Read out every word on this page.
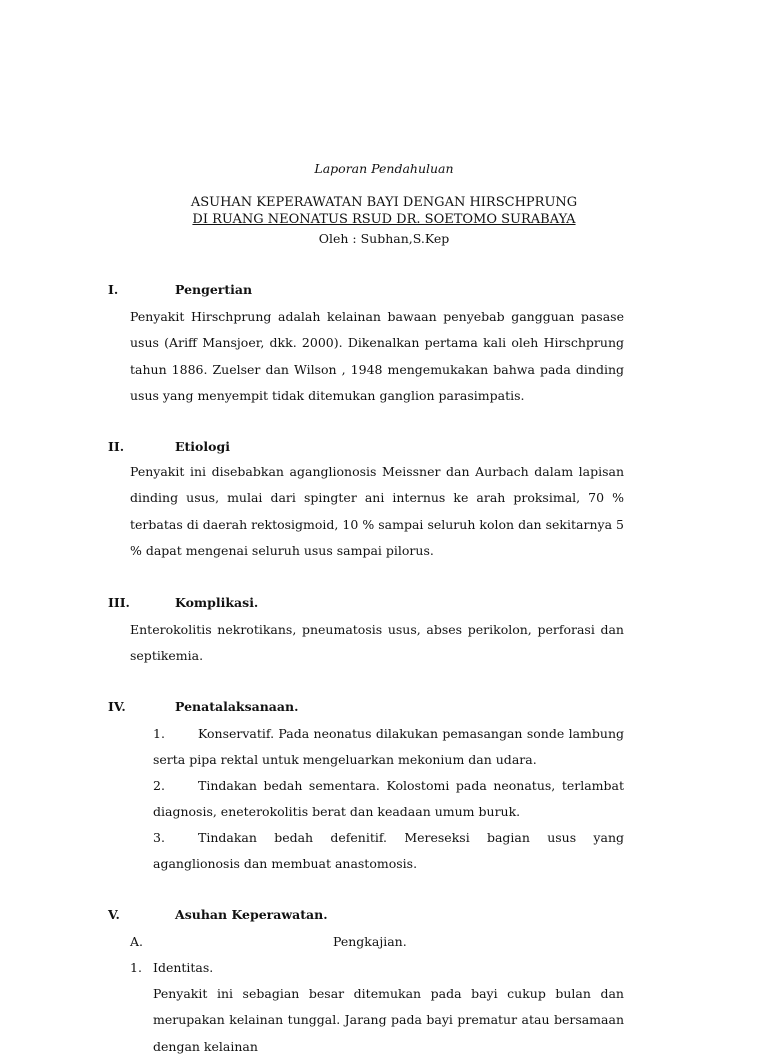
Laporan Pendahuluan
ASUHAN KEPERAWATAN BAYI DENGAN HIRSCHPRUNG
DI RUANG NEONATUS RSUD DR. SOETOMO SURABAYA
Oleh : Subhan,S.Kep
I.	Pengertian

Penyakit Hirschprung adalah kelainan bawaan penyebab gangguan pasase usus (Ariff Mansjoer, dkk. 2000). Dikenalkan pertama kali oleh Hirschprung tahun 1886. Zuelser dan Wilson , 1948 mengemukakan bahwa pada dinding usus yang menyempit tidak ditemukan ganglion parasimpatis.

II.	Etiologi

Penyakit ini disebabkan aganglionosis Meissner dan Aurbach dalam lapisan dinding usus, mulai dari spingter ani internus ke arah proksimal, 70 % terbatas di daerah rektosigmoid, 10 % sampai seluruh kolon dan sekitarnya 5 % dapat mengenai seluruh usus sampai pilorus.

III.	Komplikasi.

Enterokolitis nekrotikans, pneumatosis usus, abses perikolon, perforasi dan septikemia.

IV.	Penatalaksanaan.

1.	Konservatif. Pada neonatus dilakukan pemasangan sonde lambung serta pipa rektal untuk mengeluarkan mekonium dan udara.

2.	Tindakan bedah sementara. Kolostomi pada neonatus, terlambat diagnosis, eneterokolitis berat dan keadaan umum buruk.

3.	Tindakan bedah defenitif. Mereseksi bagian usus yang aganglionosis dan membuat anastomosis.

V.	Asuhan Keperawatan.
A.	Pengkajian.
1. Identitas.

Penyakit ini sebagian besar ditemukan pada bayi cukup bulan dan merupakan kelainan tunggal. Jarang pada bayi prematur atau bersamaan dengan kelainan
